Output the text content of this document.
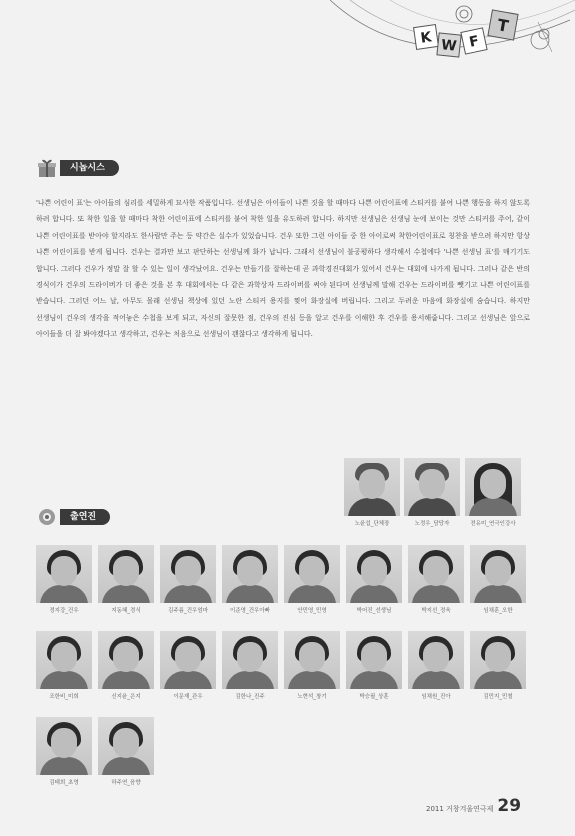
K W F
T
시놉시스

'나쁜 어린이 표'는 아이들의 심리를 세밀하게 묘사한 작품입니다. 선생님은 아이들이 나쁜 짓을 할 때마다 나쁜 어린이표에 스티커를 붙여 나쁜 행동을 하지 않도록 하려 합니다. 또 착한 일을 할 때마다 착한 어린이표에 스티커를 붙여 착한 일을 유도하려 합니다. 하지만 선생님은 선생님 눈에 보이는 것만 스티커를 주어, 같이 나쁜 어린이표를 받아야 할지라도 한사람만 주는 등 약간은 실수가 있었습니다. 건우 또한 그런 아이들 중 한 아이로써 착한어린이표로 칭찬을 받으려 하지만 항상 나쁜 어린이표를 받게 됩니다. 건우는 결과만 보고 판단하는 선생님께 화가 납니다. 그래서 선생님이 불공평하다 생각해서 수첩에다 '나쁜 선생님 표'를 매기기도 합니다. 그러다 건우가 정말 잘 할 수 있는 일이 생각났어요. 건우는 만들기를 잘하는데 곧 과학경진대회가 있어서 건우는 대회에 나가게 됩니다. 그러나 같은 반의 경식이가 건우의 드라이버가 더 좋은 것을 본 후 대회에서는 다 같은 과학상자 드라이버를 써야 된다며 선생님께 말해 건우는 드라이버를 뺏기고 나쁜 어린이표를 받습니다. 그러던 어느 날, 아무도 몰래 선생님 책상에 있던 노란 스티커 용지를 찢어 화장실에 버립니다. 그리고 두려운 마음에 화장실에 숨습니다. 하지만 선생님이 건우의 생각을 적어놓은 수첩을 보게 되고, 자신의 잘못한 점, 건우의 진심 등을 알고 건우를 이해한 후 건우를 용서해줍니다. 그리고 선생님은 앞으로 아이들을 더 잘 봐야겠다고 생각하고, 건우는 처음으로 선생님이 괜찮다고 생각하게 됩니다.

출연진
노윤섭_단체장	노정우_담당자	전유미_연극인강사
정지강_건우	지동혜_경식	김주름_건우엄마	이준영_건우아빠	안민영_민영	박어진_선생님	박지선_정욱	임채훈_오한
조한비_미희	신지윤_은지	이문재_관우	김한나_진주	노현석_창기	박승필_상훈	임채원_진아	김민지_민철
김태희_초영	하주연_음향
2011 거창겨울연극제 29
